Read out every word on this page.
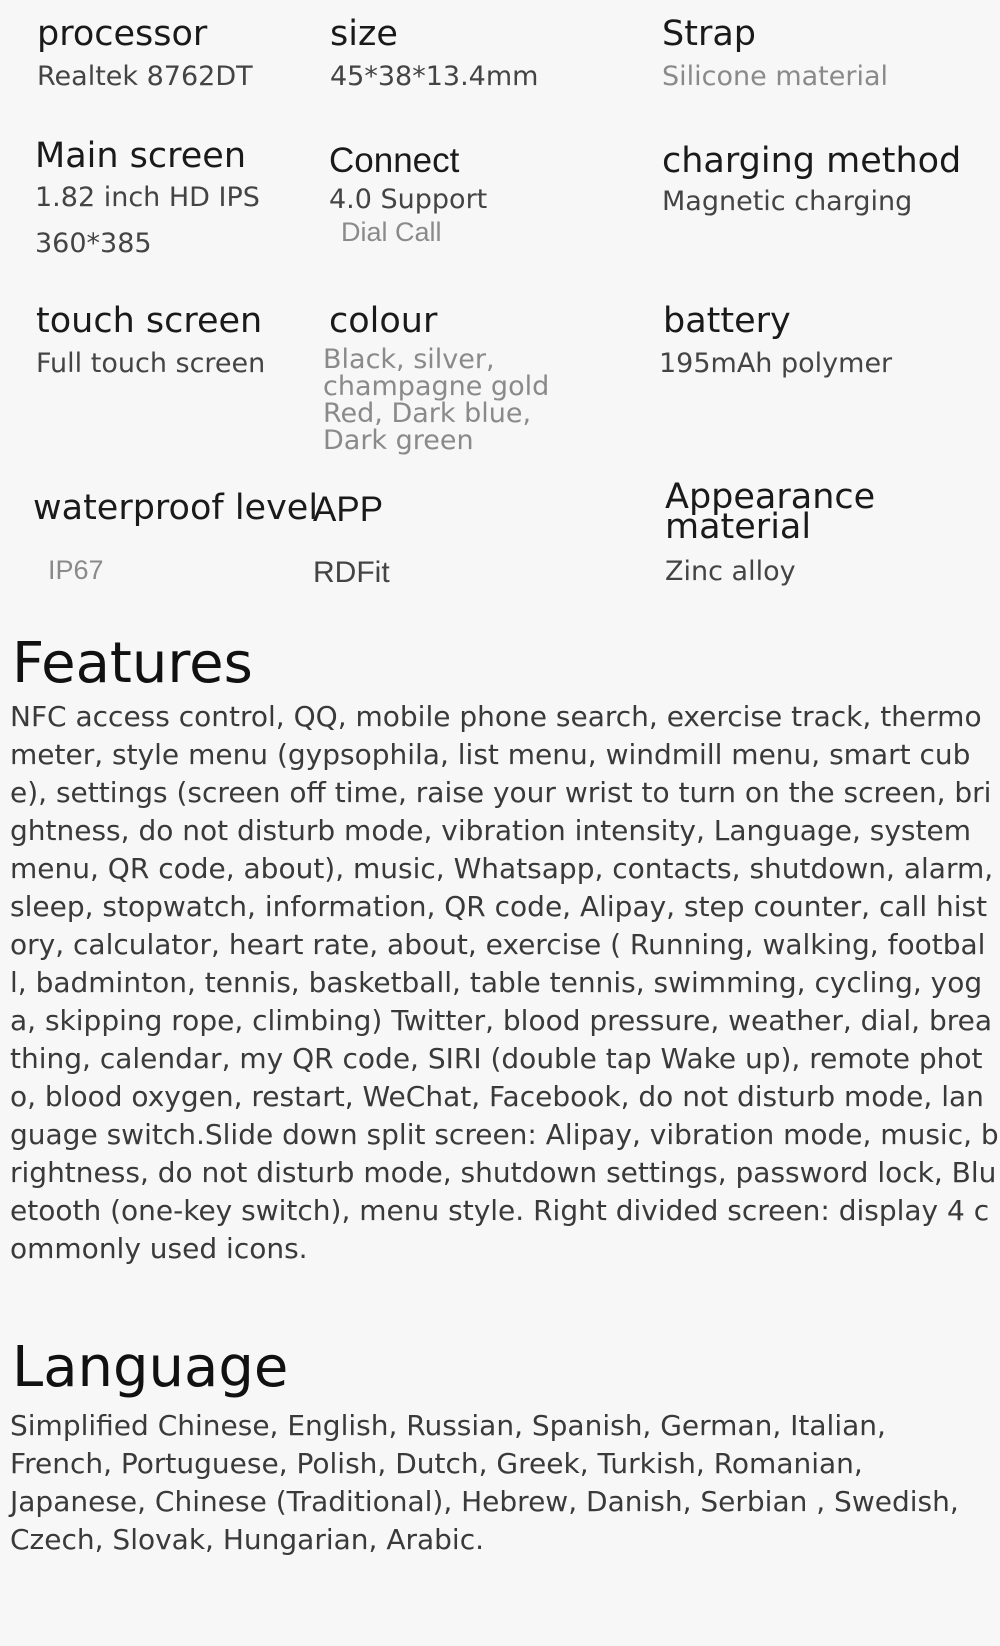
processor
Realtek 8762DT
size
45*38*13.4mm
Strap
Silicone material
Main screen
1.82 inch HD IPS 360*385
Connect
4.0 Support
Dial Call
charging method
Magnetic charging
touch screen
Full touch screen
colour
Black, silver, champagne gold Red, Dark blue, Dark green
battery
195mAh polymer
waterproof level
IP67
APP
RDFit
Appearance material
Zinc alloy
Features
NFC access control, QQ, mobile phone search, exercise track, thermometer, style menu (gypsophila, list menu, windmill menu, smart cube), settings (screen off time, raise your wrist to turn on the screen, brightness, do not disturb mode, vibration intensity, Language, system menu, QR code, about), music, Whatsapp, contacts, shutdown, alarm, sleep, stopwatch, information, QR code, Alipay, step counter, call history, calculator, heart rate, about, exercise ( Running, walking, football, badminton, tennis, basketball, table tennis, swimming, cycling, yoga, skipping rope, climbing) Twitter, blood pressure, weather, dial, breathing, calendar, my QR code, SIRI (double tap Wake up), remote photo, blood oxygen, restart, WeChat, Facebook, do not disturb mode, language switch.Slide down split screen: Alipay, vibration mode, music, brightness, do not disturb mode, shutdown settings, password lock, Bluetooth (one-key switch), menu style. Right divided screen: display 4 commonly used icons.
Language
Simplified Chinese, English, Russian, Spanish, German, Italian, French, Portuguese, Polish, Dutch, Greek, Turkish, Romanian, Japanese, Chinese (Traditional), Hebrew, Danish, Serbian , Swedish, Czech, Slovak, Hungarian, Arabic.
